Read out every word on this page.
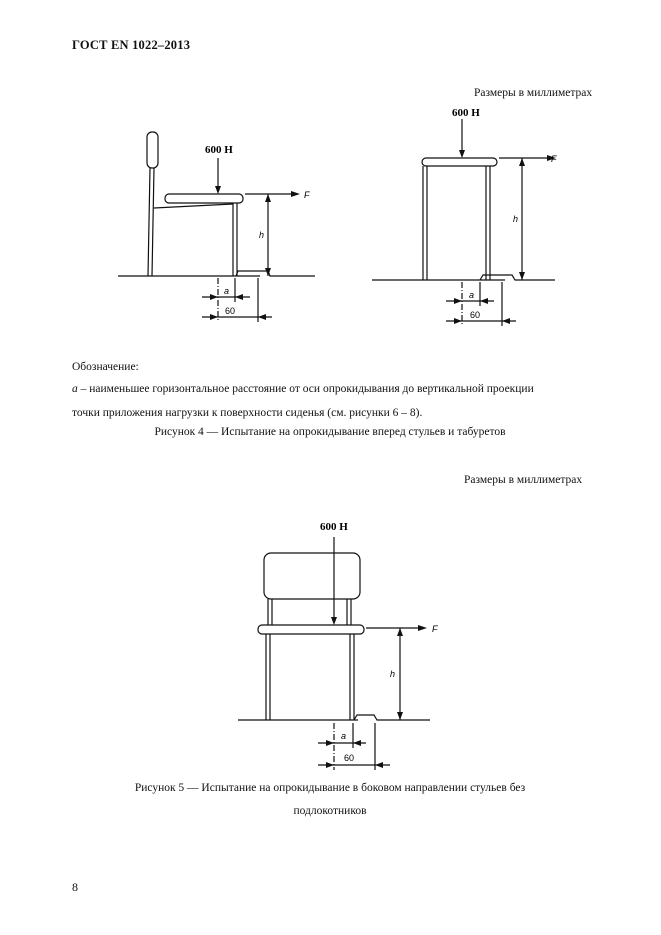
ГОСТ EN 1022–2013
Размеры в миллиметрах
600 Н
F
h
a
60
600 Н
F
h
a
60
Обозначение:
a – наименьшее горизонтальное расстояние от оси опрокидывания до вертикальной проекции
точки приложения нагрузки к поверхности сиденья (см. рисунки 6 – 8).
Рисунок 4 — Испытание на опрокидывание вперед стульев и табуретов
Размеры в миллиметрах
600 Н
F
h
a
60
Рисунок 5 — Испытание на опрокидывание в боковом направлении стульев без
подлокотников
8
